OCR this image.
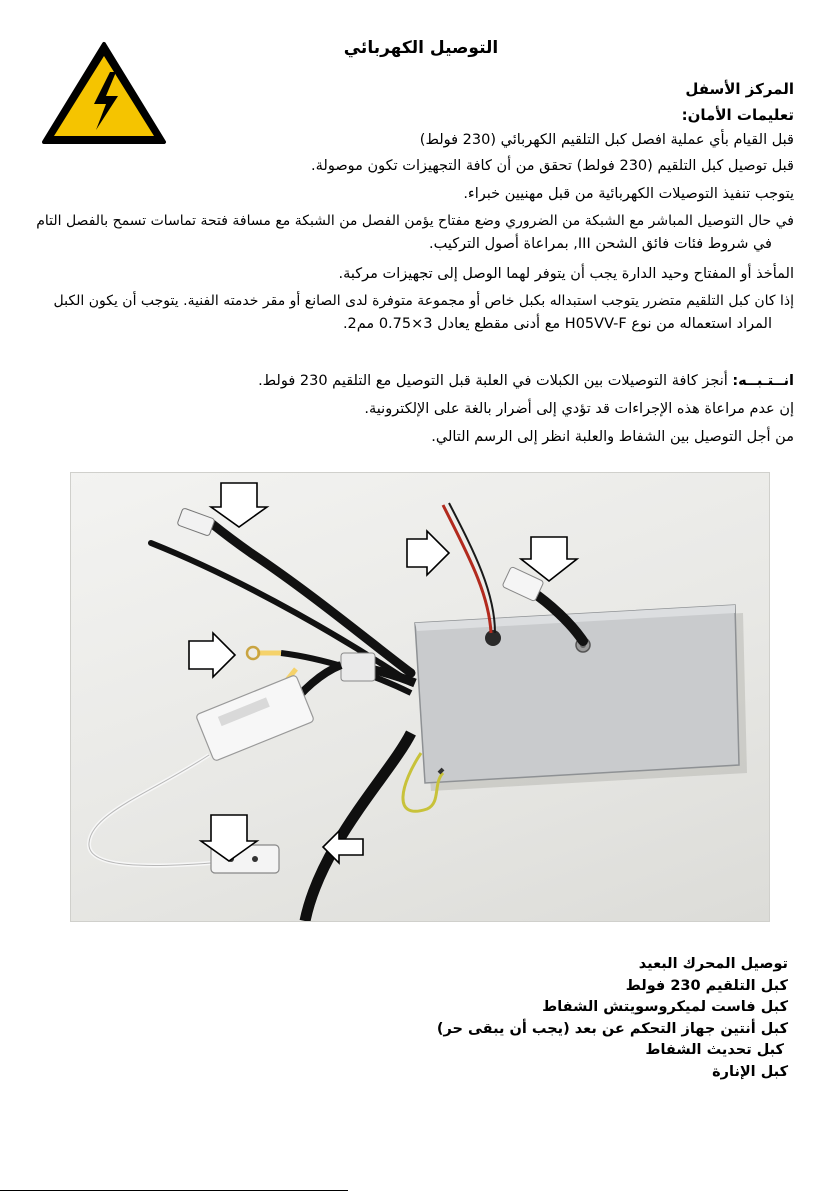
التوصيل الكهربائي
المركز الأسفل
تعليمات الأمان:
قبل القيام بأي عملية افصل كبل التلقيم الكهربائي (230 فولط)
قبل توصيل كبل التلقيم (230 فولط) تحقق من أن كافة التجهيزات تكون موصولة.
يتوجب تنفيذ التوصيلات الكهربائية من قبل مهنيين خبراء.
في حال التوصيل المباشر مع الشبكة من الضروري وضع مفتاح يؤمن الفصل من الشبكة مع مسافة فتحة تماسات تسمح بالفصل التام
في شروط فئات فائق الشحن III, بمراعاة أصول التركيب.
المأخذ أو المفتاح وحيد الدارة يجب أن يتوفر لهما الوصل إلى تجهيزات مركبة.
إذا كان كبل التلقيم متضرر يتوجب استبداله بكبل خاص أو مجموعة متوفرة لدى الصانع أو مقر خدمته الفنية. يتوجب أن يكون الكبل
المراد استعماله من نوع H05VV-F مع أدنى مقطع يعادل 3×0.75 مم2.
انــتـبــه: أنجز كافة التوصيلات بين الكبلات في العلبة قبل التوصيل مع التلقيم 230 فولط.
إن عدم مراعاة هذه الإجراءات قد تؤدي إلى أضرار بالغة على الإلكترونية.
من أجل التوصيل بين الشفاط والعلبة انظر إلى الرسم التالي.
توصيل المحرك البعيد
كبل التلقيم 230 فولط
كبل فاست لميكروسويتش الشفاط
كبل أنتين جهاز التحكم عن بعد (يجب أن يبقى حر)
كبل تحديث الشفاط
كبل الإنارة
